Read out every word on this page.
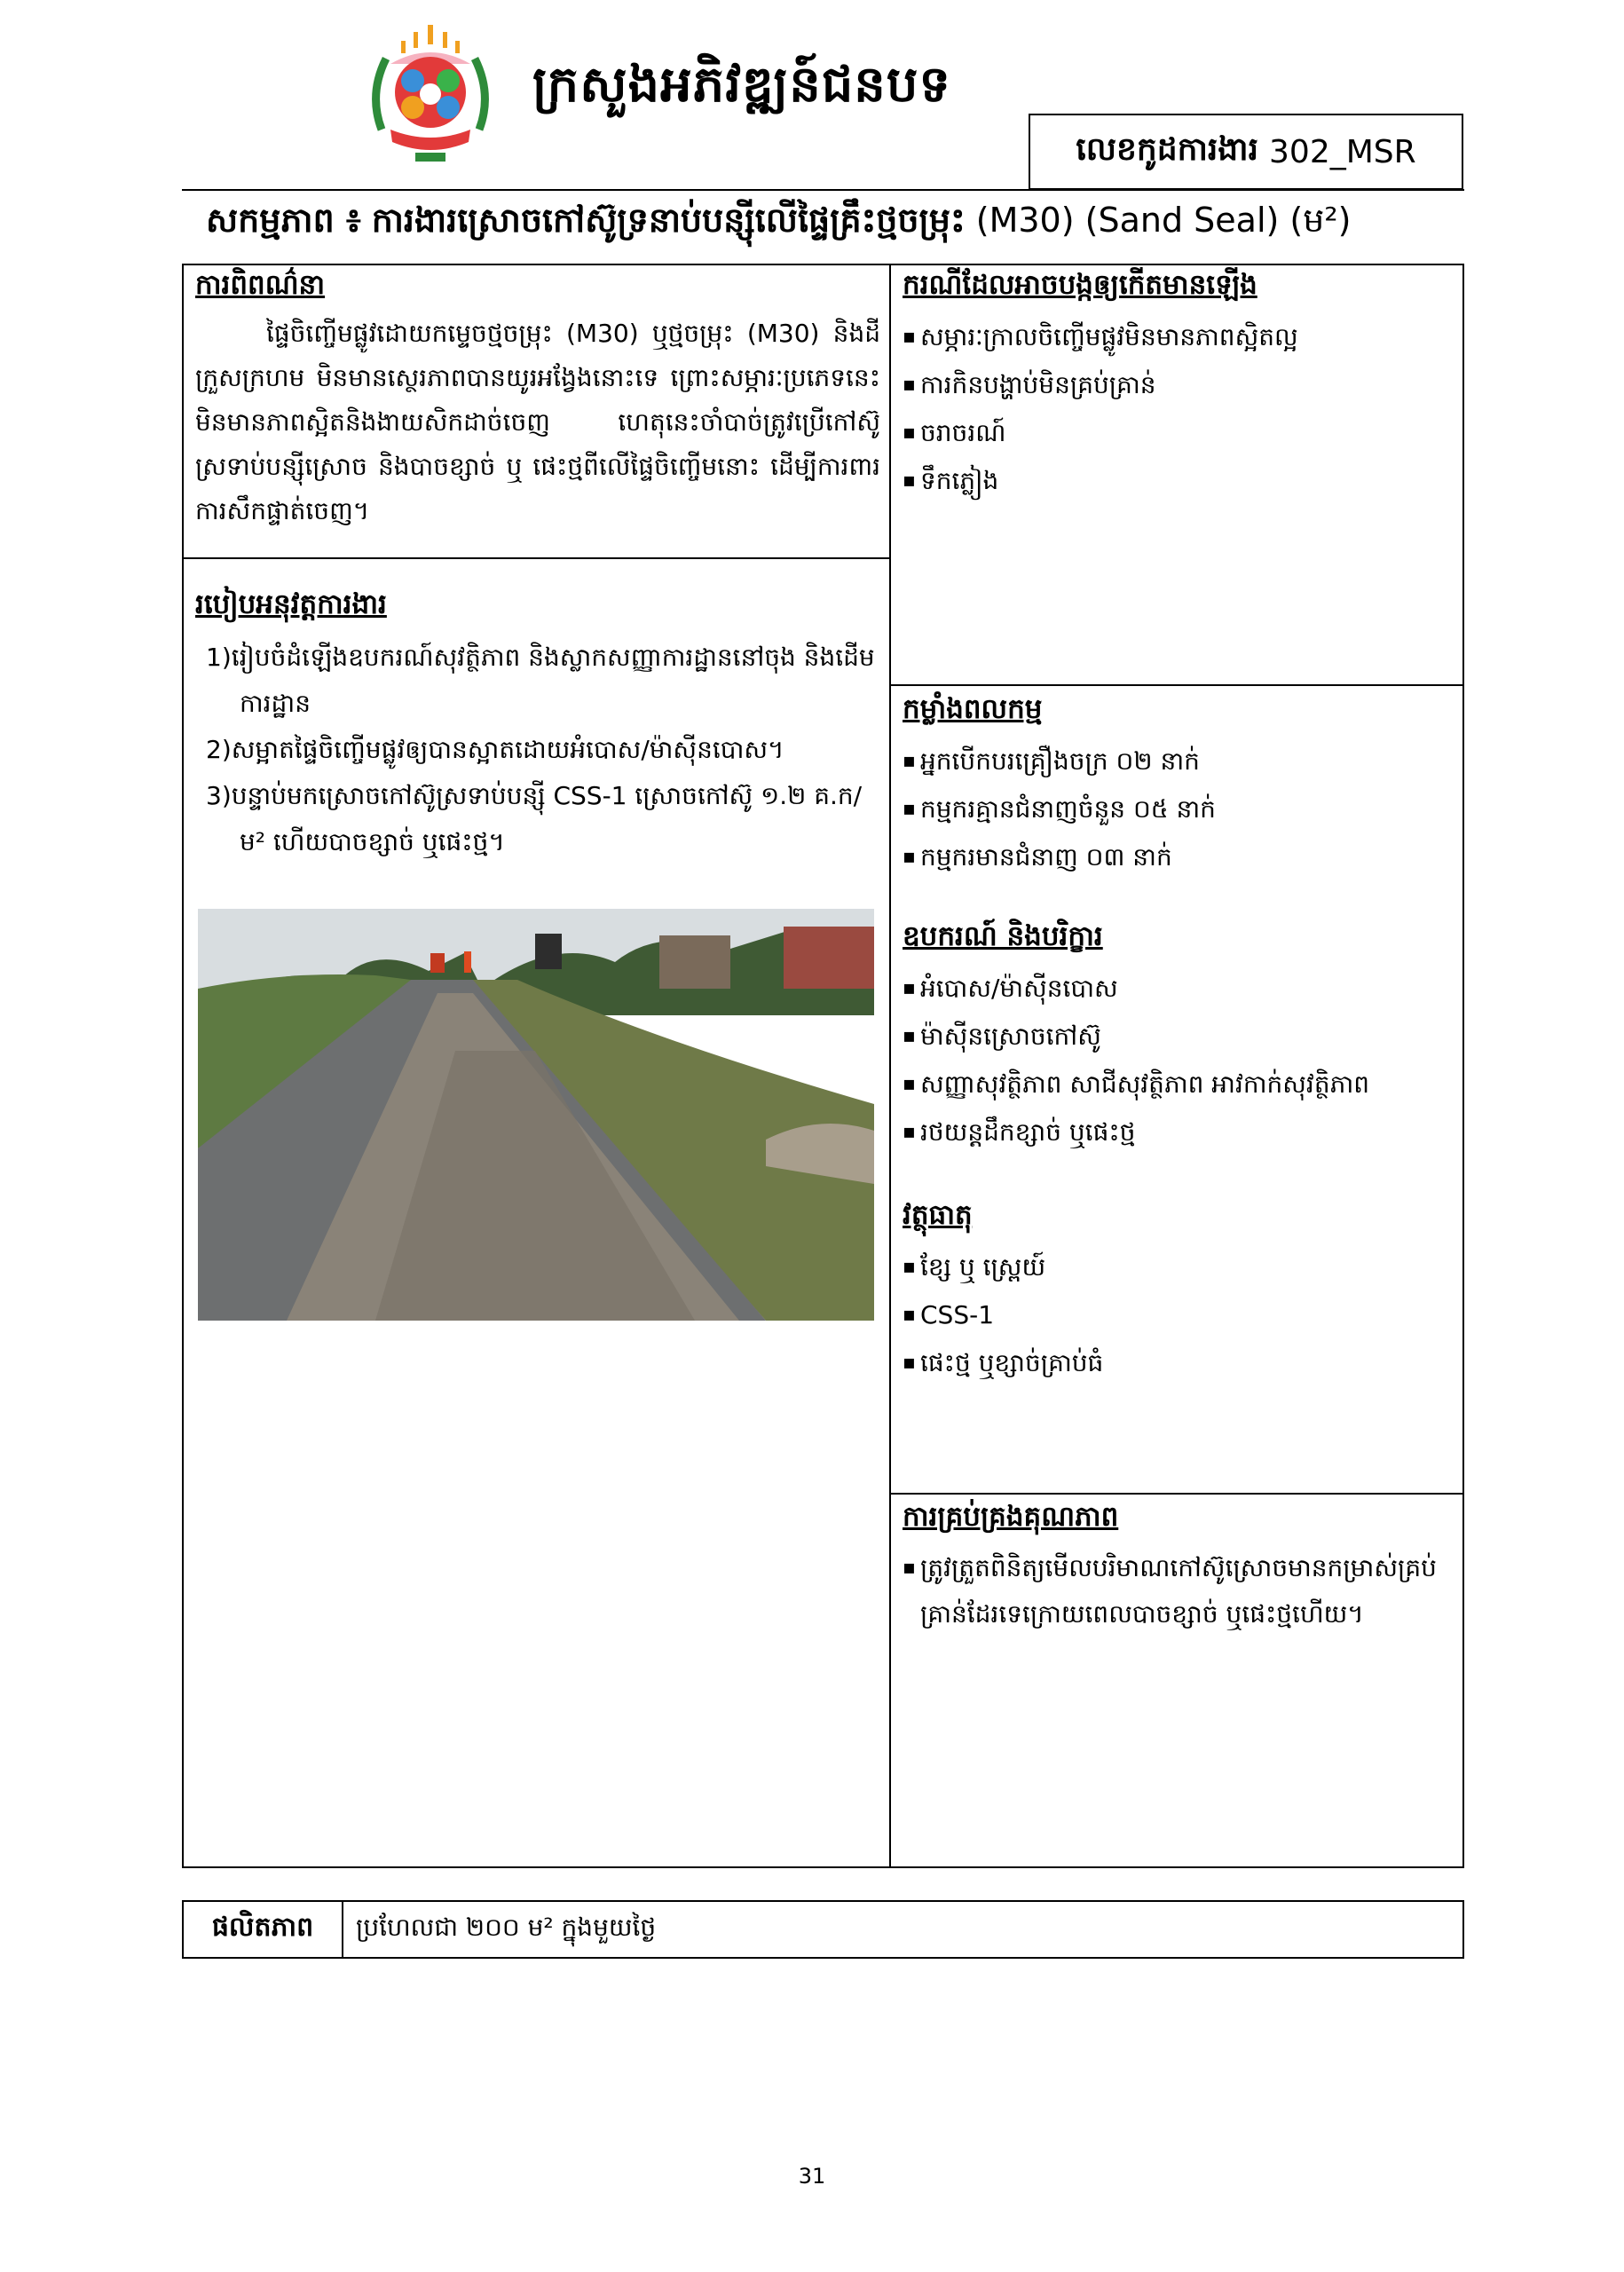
ក្រសួងអភិវឌ្ឍន៍ជនបទ
លេខកូដការងារ 302_MSR
សកម្មភាព ៖ ការងារស្រោចកៅស៊ូទ្រនាប់បន្សុីលើផ្ទៃគ្រឹះថ្មចម្រុះ (M30) (Sand Seal) (ម²)
ការពិពណ៌នា

ផ្ទៃចិញ្ចើមផ្លូវដោយកម្ទេចថ្មចម្រុះ (M30) ឬថ្មចម្រុះ (M30) និងដីក្រួសក្រហម មិនមានស្ថេរភាពបានយូរអង្វែងនោះទេ ព្រោះសម្ភារៈប្រភេទនេះមិនមានភាពស្អិតនិងងាយសិកដាច់ចេញ ហេតុនេះចាំបាច់ត្រូវប្រើកៅស៊ូស្រទាប់បន្សុីស្រោច និងបាចខ្សាច់ ឬ ផេះថ្មពីលើផ្ទៃចិញ្ចើមនោះ ដើម្បីការពារការសឹកផ្ទាត់ចេញ។

ករណីដែលអាចបង្កឲ្យកើតមានឡើង
▪ សម្ភារៈក្រាលចិញ្ចើមផ្លូវមិនមានភាពស្អិតល្អ
▪ ការកិនបង្ហាប់មិនគ្រប់គ្រាន់
▪ ចរាចរណ៍
▪ ទឹកភ្លៀង
របៀបអនុវត្តការងារ
1)រៀបចំដំឡើងឧបករណ៍សុវត្ថិភាព និងស្លាកសញ្ញាការដ្ឋាននៅចុង និងដើមការដ្ឋាន
2)សម្អាតផ្ទៃចិញ្ចើមផ្លូវឲ្យបានស្អាតដោយអំបោស/ម៉ាស៊ីនបោស។
3)បន្ទាប់មកស្រោចកៅស៊ូស្រទាប់បន្សុី CSS-1 ស្រោចកៅស៊ូ ១.២ គ.ក/ម² ហើយបាចខ្សាច់ ឬផេះថ្ម។
កម្លាំងពលកម្ម
▪ អ្នកបើកបរគ្រឿងចក្រ ០២ នាក់
▪ កម្មករគ្មានជំនាញចំនួន ០៥ នាក់
▪ កម្មករមានជំនាញ ០៣ នាក់
ឧបករណ៍ និងបរិក្ខារ
▪ អំបោស/ម៉ាស៊ីនបោស
▪ ម៉ាស៊ីនស្រោចកៅស៊ូ
▪ សញ្ញាសុវត្ថិភាព សាជីសុវត្ថិភាព អាវកាក់សុវត្ថិភាព
▪ រថយន្តដឹកខ្សាច់ ឬផេះថ្ម
វត្ថុធាតុ
▪ ខ្សែ ឬ ស្ព្រេយ៍
▪ CSS-1
▪ ផេះថ្ម ឬខ្សាច់គ្រាប់ធំ
ការគ្រប់គ្រងគុណភាព
▪ ត្រូវត្រួតពិនិត្យមើលបរិមាណកៅស៊ូស្រោចមានកម្រាស់គ្រប់គ្រាន់ដែរទេក្រោយពេលបាចខ្សាច់ ឬផេះថ្មហើយ។
ផលិតភាព	ប្រហែលជា ២០០ ម² ក្នុងមួយថ្ងៃ
31
